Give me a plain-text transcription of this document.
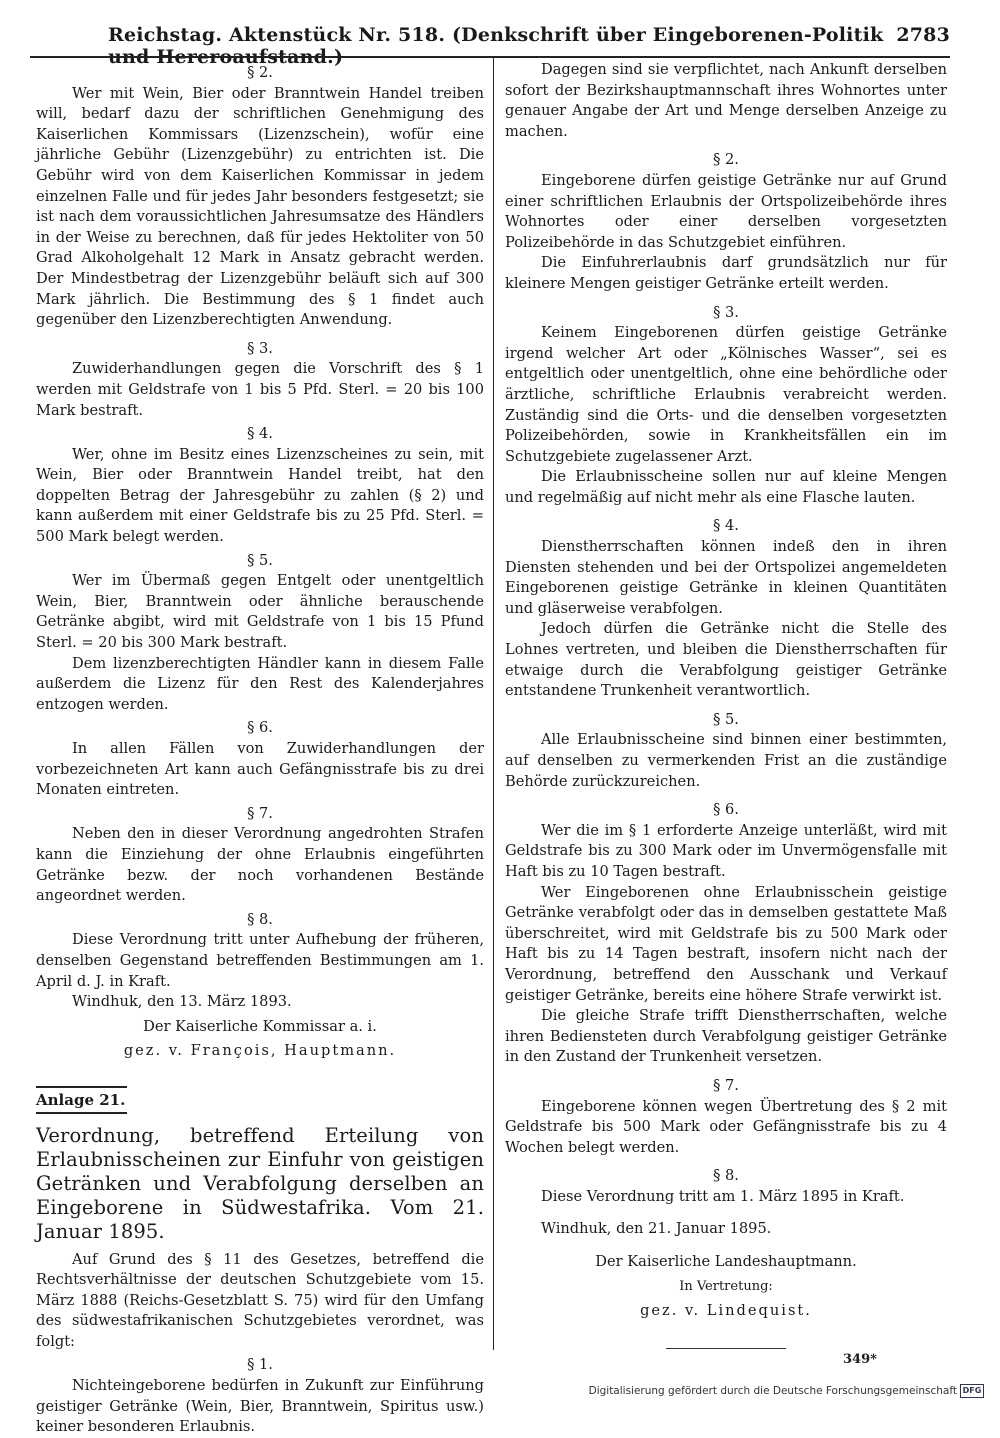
Reichstag. Aktenstück Nr. 518. (Denkschrift über Eingeborenen-Politik und Hereroaufstand.)
2783

§ 2.

Wer mit Wein, Bier oder Branntwein Handel treiben will, bedarf dazu der schriftlichen Genehmigung des Kaiserlichen Kommissars (Lizenzschein), wofür eine jährliche Gebühr (Lizenzgebühr) zu entrichten ist. Die Gebühr wird von dem Kaiserlichen Kommissar in jedem einzelnen Falle und für jedes Jahr besonders festgesetzt; sie ist nach dem voraussichtlichen Jahresumsatze des Händlers in der Weise zu berechnen, daß für jedes Hektoliter von 50 Grad Alkoholgehalt 12 Mark in Ansatz gebracht werden. Der Mindestbetrag der Lizenzgebühr beläuft sich auf 300 Mark jährlich. Die Bestimmung des § 1 findet auch gegenüber den Lizenzberechtigten Anwendung.

§ 3.

Zuwiderhandlungen gegen die Vorschrift des § 1 werden mit Geldstrafe von 1 bis 5 Pfd. Sterl. = 20 bis 100 Mark bestraft.

§ 4.

Wer, ohne im Besitz eines Lizenzscheines zu sein, mit Wein, Bier oder Branntwein Handel treibt, hat den doppelten Betrag der Jahresgebühr zu zahlen (§ 2) und kann außerdem mit einer Geldstrafe bis zu 25 Pfd. Sterl. = 500 Mark belegt werden.

§ 5.

Wer im Übermaß gegen Entgelt oder unentgeltlich Wein, Bier, Branntwein oder ähnliche berauschende Getränke abgibt, wird mit Geldstrafe von 1 bis 15 Pfund Sterl. = 20 bis 300 Mark bestraft.

Dem lizenzberechtigten Händler kann in diesem Falle außerdem die Lizenz für den Rest des Kalenderjahres entzogen werden.

§ 6.

In allen Fällen von Zuwiderhandlungen der vorbezeichneten Art kann auch Gefängnisstrafe bis zu drei Monaten eintreten.

§ 7.

Neben den in dieser Verordnung angedrohten Strafen kann die Einziehung der ohne Erlaubnis eingeführten Getränke bezw. der noch vorhandenen Bestände angeordnet werden.

§ 8.

Diese Verordnung tritt unter Aufhebung der früheren, denselben Gegenstand betreffenden Bestimmungen am 1. April d. J. in Kraft.

Windhuk, den 13. März 1893.

Der Kaiserliche Kommissar a. i.

gez. v. François, Hauptmann.

Anlage 21.

Verordnung, betreffend Erteilung von Erlaubnisscheinen zur Einfuhr von geistigen Getränken und Verabfolgung derselben an Eingeborene in Südwestafrika. Vom 21. Januar 1895.

Auf Grund des § 11 des Gesetzes, betreffend die Rechtsverhältnisse der deutschen Schutzgebiete vom 15. März 1888 (Reichs-Gesetzblatt S. 75) wird für den Umfang des südwestafrikanischen Schutzgebietes verordnet, was folgt:

§ 1.

Nichteingeborene bedürfen in Zukunft zur Einführung geistiger Getränke (Wein, Bier, Branntwein, Spiritus usw.) keiner besonderen Erlaubnis.

Dagegen sind sie verpflichtet, nach Ankunft derselben sofort der Bezirkshauptmannschaft ihres Wohnortes unter genauer Angabe der Art und Menge derselben Anzeige zu machen.

§ 2.

Eingeborene dürfen geistige Getränke nur auf Grund einer schriftlichen Erlaubnis der Ortspolizeibehörde ihres Wohnortes oder einer derselben vorgesetzten Polizeibehörde in das Schutzgebiet einführen.

Die Einfuhrerlaubnis darf grundsätzlich nur für kleinere Mengen geistiger Getränke erteilt werden.

§ 3.

Keinem Eingeborenen dürfen geistige Getränke irgend welcher Art oder „Kölnisches Wasser“, sei es entgeltlich oder unentgeltlich, ohne eine behördliche oder ärztliche, schriftliche Erlaubnis verabreicht werden. Zuständig sind die Orts- und die denselben vorgesetzten Polizeibehörden, sowie in Krankheitsfällen ein im Schutzgebiete zugelassener Arzt.

Die Erlaubnisscheine sollen nur auf kleine Mengen und regelmäßig auf nicht mehr als eine Flasche lauten.

§ 4.

Dienstherrschaften können indeß den in ihren Diensten stehenden und bei der Ortspolizei angemeldeten Eingeborenen geistige Getränke in kleinen Quantitäten und gläserweise verabfolgen.

Jedoch dürfen die Getränke nicht die Stelle des Lohnes vertreten, und bleiben die Dienstherrschaften für etwaige durch die Verabfolgung geistiger Getränke entstandene Trunkenheit verantwortlich.

§ 5.

Alle Erlaubnisscheine sind binnen einer bestimmten, auf denselben zu vermerkenden Frist an die zuständige Behörde zurückzureichen.

§ 6.

Wer die im § 1 erforderte Anzeige unterläßt, wird mit Geldstrafe bis zu 300 Mark oder im Unvermögensfalle mit Haft bis zu 10 Tagen bestraft.

Wer Eingeborenen ohne Erlaubnisschein geistige Getränke verabfolgt oder das in demselben gestattete Maß überschreitet, wird mit Geldstrafe bis zu 500 Mark oder Haft bis zu 14 Tagen bestraft, insofern nicht nach der Verordnung, betreffend den Ausschank und Verkauf geistiger Getränke, bereits eine höhere Strafe verwirkt ist.

Die gleiche Strafe trifft Dienstherrschaften, welche ihren Bediensteten durch Verabfolgung geistiger Getränke in den Zustand der Trunkenheit versetzen.

§ 7.

Eingeborene können wegen Übertretung des § 2 mit Geldstrafe bis 500 Mark oder Gefängnisstrafe bis zu 4 Wochen belegt werden.

§ 8.

Diese Verordnung tritt am 1. März 1895 in Kraft.

Windhuk, den 21. Januar 1895.

Der Kaiserliche Landeshauptmann.

In Vertretung:

gez. v. Lindequist.

349*
Digitalisierung gefördert durch die Deutsche Forschungsgemeinschaft DFG
